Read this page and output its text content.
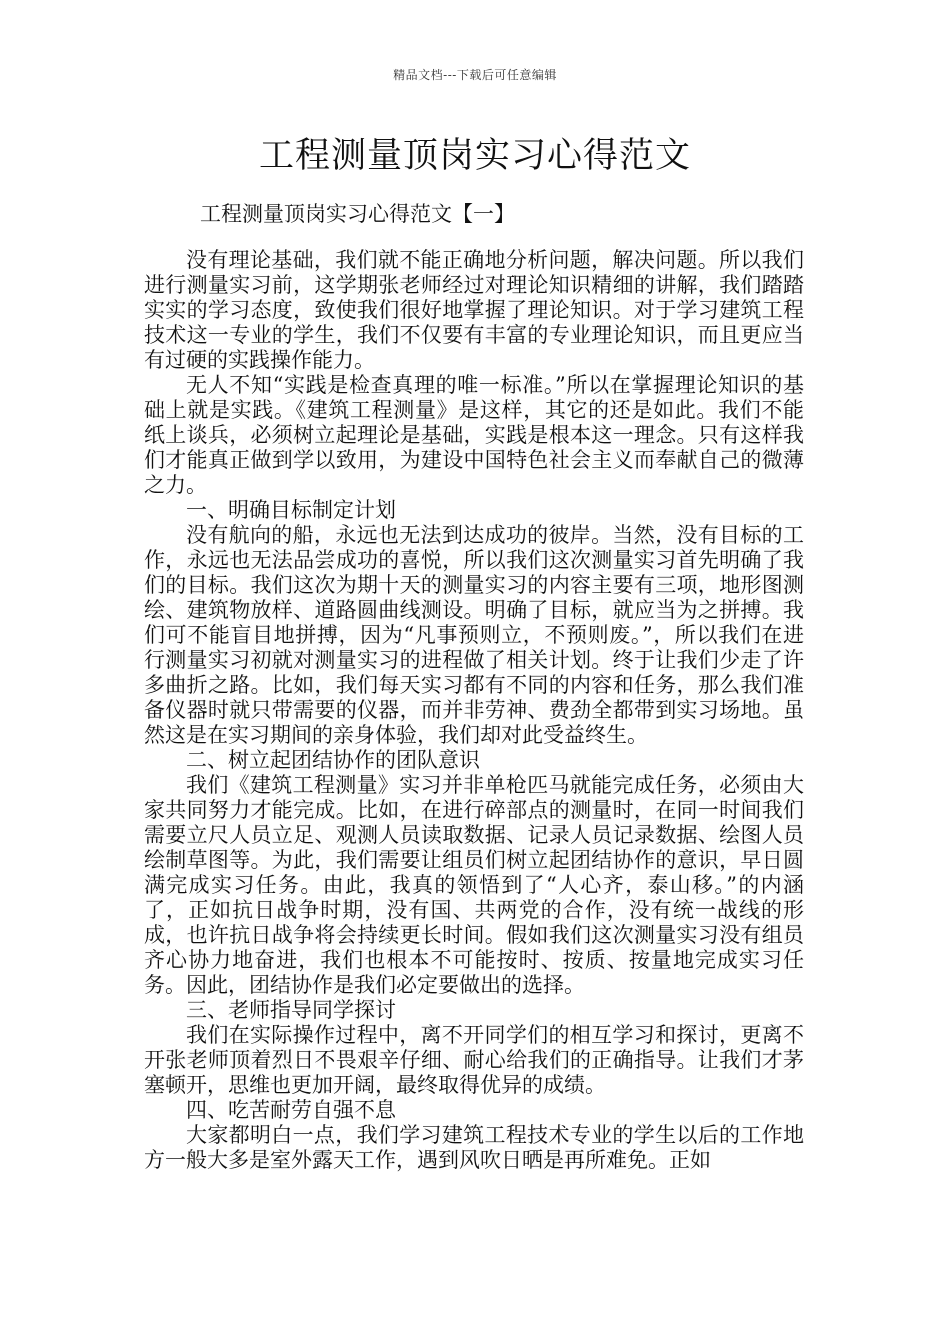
精品文档---下载后可任意编辑
工程测量顶岗实习心得范文

工程测量顶岗实习心得范文【一】

没有理论基础，我们就不能正确地分析问题，解决问题。所以我们进行测量实习前，这学期张老师经过对理论知识精细的讲解，我们踏踏实实的学习态度，致使我们很好地掌握了理论知识。对于学习建筑工程技术这一专业的学生，我们不仅要有丰富的专业理论知识，而且更应当有过硬的实践操作能力。

无人不知“实践是检查真理的唯一标准。”所以在掌握理论知识的基础上就是实践。《建筑工程测量》是这样，其它的还是如此。我们不能纸上谈兵，必须树立起理论是基础，实践是根本这一理念。只有这样我们才能真正做到学以致用，为建设中国特色社会主义而奉献自己的微薄之力。

一、明确目标制定计划

没有航向的船，永远也无法到达成功的彼岸。当然，没有目标的工作，永远也无法品尝成功的喜悦，所以我们这次测量实习首先明确了我们的目标。我们这次为期十天的测量实习的内容主要有三项，地形图测绘、建筑物放样、道路圆曲线测设。明确了目标，就应当为之拼搏。我们可不能盲目地拼搏，因为“凡事预则立，不预则废。”，所以我们在进行测量实习初就对测量实习的进程做了相关计划。终于让我们少走了许多曲折之路。比如，我们每天实习都有不同的内容和任务，那么我们准备仪器时就只带需要的仪器，而并非劳神、费劲全都带到实习场地。虽然这是在实习期间的亲身体验，我们却对此受益终生。

二、树立起团结协作的团队意识

我们《建筑工程测量》实习并非单枪匹马就能完成任务，必须由大家共同努力才能完成。比如，在进行碎部点的测量时，在同一时间我们需要立尺人员立足、观测人员读取数据、记录人员记录数据、绘图人员绘制草图等。为此，我们需要让组员们树立起团结协作的意识，早日圆满完成实习任务。由此，我真的领悟到了“人心齐，泰山移。”的内涵了，正如抗日战争时期，没有国、共两党的合作，没有统一战线的形成，也许抗日战争将会持续更长时间。假如我们这次测量实习没有组员齐心协力地奋进，我们也根本不可能按时、按质、按量地完成实习任务。因此，团结协作是我们必定要做出的选择。

三、老师指导同学探讨

我们在实际操作过程中，离不开同学们的相互学习和探讨，更离不开张老师顶着烈日不畏艰辛仔细、耐心给我们的正确指导。让我们才茅塞顿开，思维也更加开阔，最终取得优异的成绩。

四、吃苦耐劳自强不息

大家都明白一点，我们学习建筑工程技术专业的学生以后的工作地方一般大多是室外露天工作，遇到风吹日晒是再所难免。正如
